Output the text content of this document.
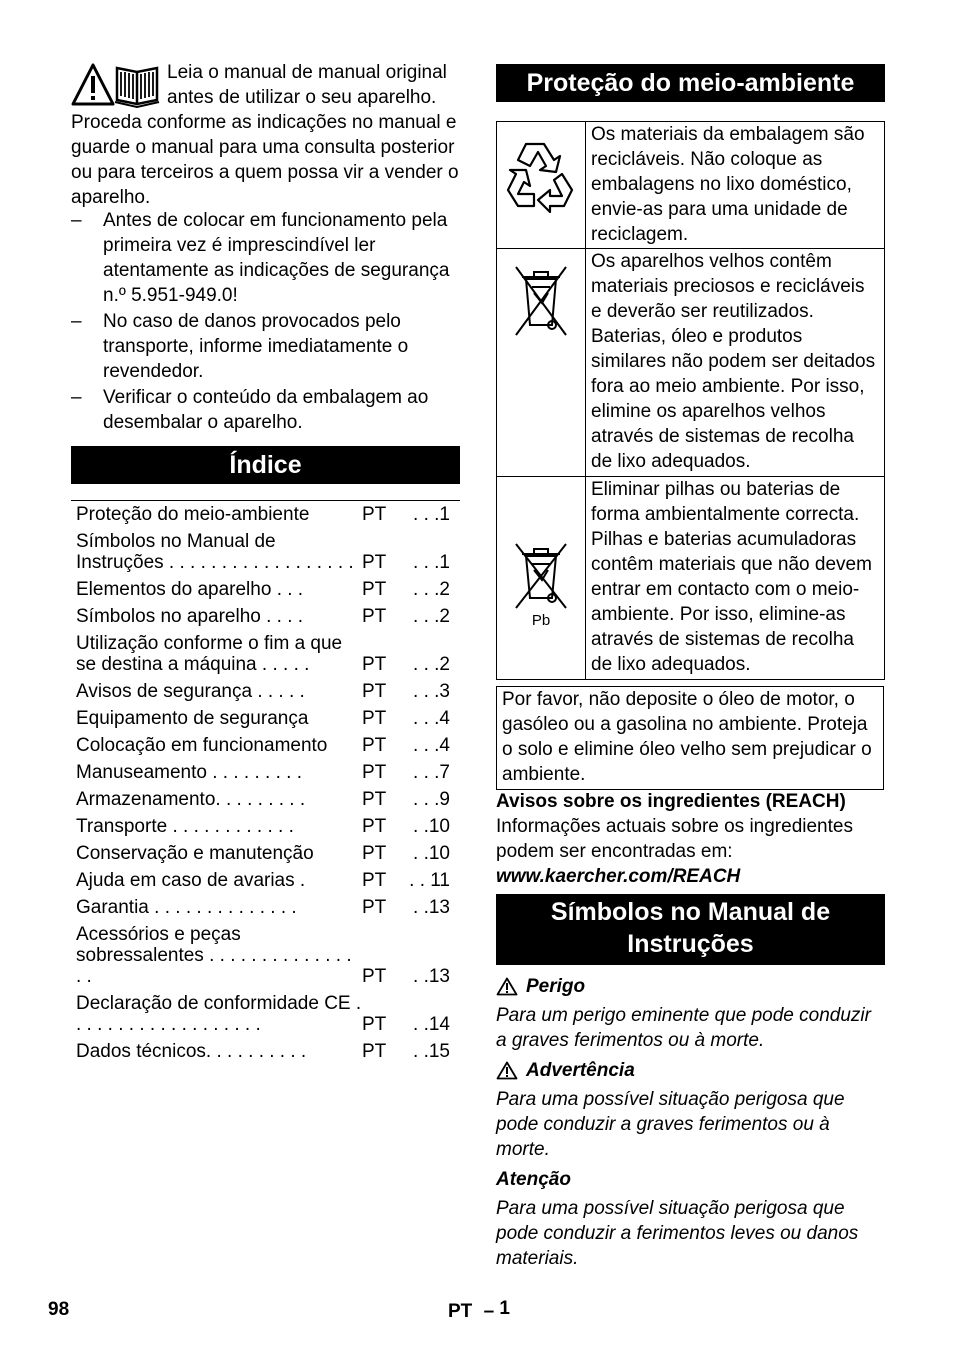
Leia o manual de manual original antes de utilizar o seu aparelho. Proceda conforme as indicações no manual e guarde o manual para uma consulta posterior ou para terceiros a quem possa vir a vender o aparelho.
– Antes de colocar em funcionamento pela primeira vez é imprescindível ler atentamente as indicações de segurança n.º 5.951-949.0!
– No caso de danos provocados pelo transporte, informe imediatamente o revendedor.
– Verificar o conteúdo da embalagem ao desembalar o aparelho.
Índice
Proteção do meio-ambiente	PT	. . .1
Símbolos no Manual de Instruções . . . . . . . . . . . . . . . . . . PT	. . .1
Elementos do aparelho . . .	PT	. . .2
Símbolos no aparelho . . . .	PT	. . .2
Utilização conforme o fim a que se destina a máquina . . . . .	PT	. . .2
Avisos de segurança . . . . .	PT	. . .3
Equipamento de segurança	PT	. . .4
Colocação em funcionamento	PT	. . .4
Manuseamento . . . . . . . . .	PT	. . .7
Armazenamento. . . . . . . . .	PT	. . .9
Transporte . . . . . . . . . . . .	PT	. .10
Conservação e manutenção	PT	. .10
Ajuda em caso de avarias .	PT	. . 11
Garantia . . . . . . . . . . . . . .	PT	. .13
Acessórios e peças sobressalentes . . . . . . . . . . . . . . . .	PT	. .13
Declaração de conformidade CE . . . . . . . . . . . . . . . . . . .	PT	. .14
Dados técnicos. . . . . . . . . .	PT	. .15
Proteção do meio-ambiente
Os materiais da embalagem são recicláveis. Não coloque as embalagens no lixo doméstico, envie-as para uma unidade de reciclagem.
Os aparelhos velhos contêm materiais preciosos e recicláveis e deverão ser reutilizados. Baterias, óleo e produtos similares não podem ser deitados fora ao meio ambiente. Por isso, elimine os aparelhos velhos através de sistemas de recolha de lixo adequados.
Pb
Eliminar pilhas ou baterias de forma ambientalmente correcta. Pilhas e baterias acumuladoras contêm materiais que não devem entrar em contacto com o meio-ambiente. Por isso, elimine-as através de sistemas de recolha de lixo adequados.
Por favor, não deposite o óleo de motor, o gasóleo ou a gasolina no ambiente. Proteja o solo e elimine óleo velho sem prejudicar o ambiente.

Avisos sobre os ingredientes (REACH)

Informações actuais sobre os ingredientes podem ser encontradas em:

www.kaercher.com/REACH

Símbolos no Manual de
Instruções
Perigo

Para um perigo eminente que pode conduzir a graves ferimentos ou à morte.

Advertência

Para uma possível situação perigosa que pode conduzir a graves ferimentos ou à morte.

Atenção

Para uma possível situação perigosa que pode conduzir a ferimentos leves ou danos materiais.

98	PT – 1
